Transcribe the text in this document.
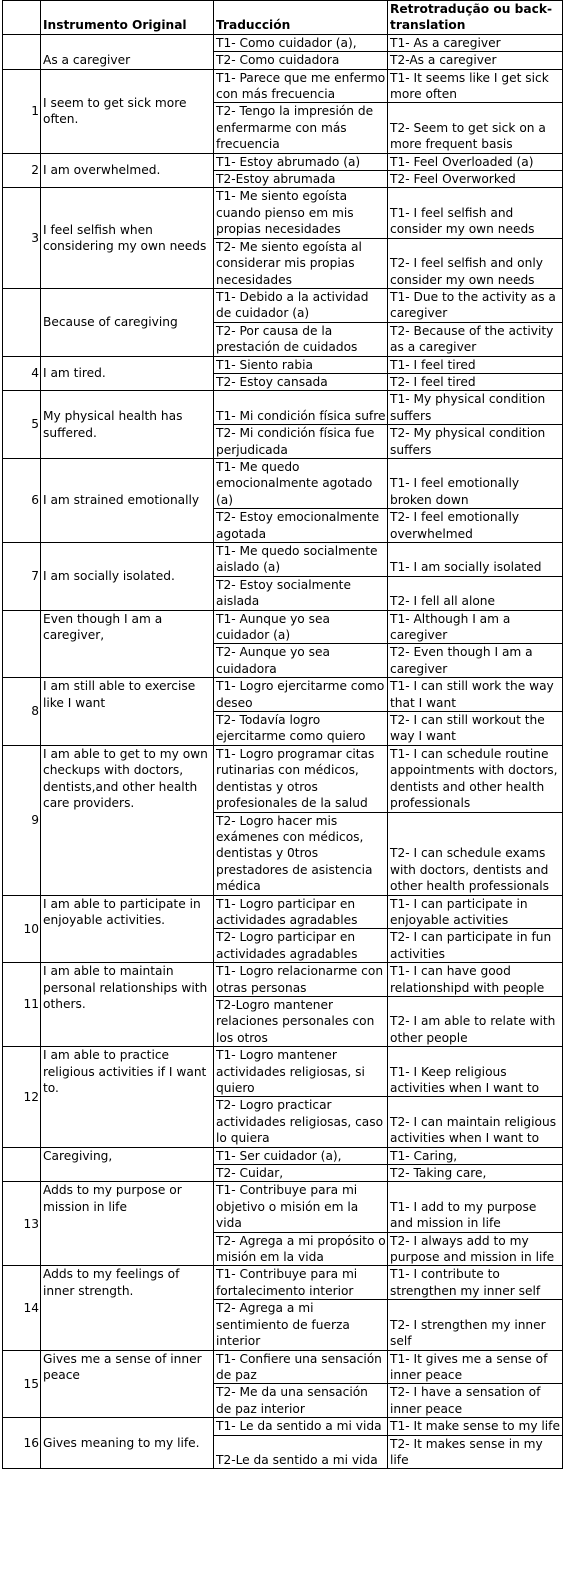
	Instrumento Original	Traducción	Retrotradução ou back-translation
	As a caregiver	T1- Como cuidador (a),	T1- As a caregiver
		T2- Como cuidadora	T2-As a caregiver
1	I seem to get sick more often.	T1- Parece que me enfermo con más frecuencia	T1- It seems like I get sick more often
		T2- Tengo la impresión de enfermarme con más frecuencia	T2- Seem to get sick on a more frequent basis
2	I am overwhelmed.	T1- Estoy abrumado (a)	T1- Feel Overloaded (a)
		T2-Estoy abrumada	T2- Feel Overworked
3	I feel selfish when considering my own needs	T1- Me siento egoísta cuando pienso em mis propias necesidades	T1- I feel selfish and consider my own needs
		T2- Me siento egoísta al considerar mis propias necesidades	T2- I feel selfish and only consider my own needs
	Because of caregiving	T1- Debido a la actividad de cuidador (a)	T1- Due to the activity as a caregiver
		T2- Por causa de la prestación de cuidados	T2- Because of the activity as a caregiver
4	I am tired.	T1- Siento rabia	T1- I feel tired
		T2- Estoy cansada	T2- I feel tired
5	My physical health has suffered.	T1- Mi condición física sufre	T1- My physical condition suffers
		T2- Mi condición física fue perjudicada	T2- My physical condition suffers
6	I am strained emotionally	T1- Me quedo emocionalmente agotado (a)	T1- I feel emotionally broken down
		T2- Estoy emocionalmente agotada	T2- I feel emotionally overwhelmed
7	I am socially isolated.	T1- Me quedo socialmente aislado (a)	T1- I am socially isolated
		T2- Estoy socialmente aislada	T2- I fell all alone
	Even though I am a caregiver,	T1- Aunque yo sea cuidador (a)	T1- Although I am a caregiver
		T2- Aunque yo sea cuidadora	T2- Even though I am a caregiver
8	I am still able to exercise like I want	T1- Logro ejercitarme como deseo	T1- I can still work the way that I want
		T2- Todavía logro ejercitarme como quiero	T2- I can still workout the way I want
9	I am able to get to my own checkups with doctors, dentists,and other health care providers.	T1- Logro programar citas rutinarias con médicos, dentistas y otros profesionales de la salud	T1- I can schedule routine appointments with doctors, dentists and other health professionals
		T2- Logro hacer mis exámenes con médicos, dentistas y 0tros prestadores de asistencia médica	T2- I can schedule exams with doctors, dentists and other health professionals
10	I am able to participate in enjoyable activities.	T1- Logro participar en actividades agradables	T1- I can participate in enjoyable activities
		T2- Logro participar en actividades agradables	T2- I can participate in fun activities
11	I am able to maintain personal relationships with others.	T1- Logro relacionarme con otras personas	T1- I can have good relationshipd with people
		T2-Logro mantener relaciones personales con los otros	T2- I am able to relate with other people
12	I am able to practice religious activities if I want to.	T1- Logro mantener actividades religiosas, si quiero	T1- I Keep religious activities when I want to
		T2- Logro practicar actividades religiosas, caso lo quiera	T2- I can maintain religious activities when I want to
	Caregiving,	T1- Ser cuidador (a),	T1- Caring,
		T2- Cuidar,	T2- Taking care,
13	Adds to my purpose or mission in life	T1- Contribuye para mi objetivo o misión em la vida	T1- I add to my purpose and mission in life
		T2- Agrega a mi propósito o misión em la vida	T2- I always add to my purpose and mission in life
14	Adds to my feelings of inner strength.	T1- Contribuye para mi fortalecimento interior	T1- I contribute to strengthen my inner self
		T2- Agrega a mi sentimiento de fuerza interior	T2- I strengthen my inner self
15	Gives me a sense of inner peace	T1- Confiere una sensación de paz	T1- It gives me a sense of inner peace
		T2- Me da una sensación de paz interior	T2- I have a sensation of inner peace
16	Gives meaning to my life.	T1- Le da sentido a mi vida	T1- It make sense to my life
		T2-Le da sentido a mi vida	T2- It makes sense in my life
